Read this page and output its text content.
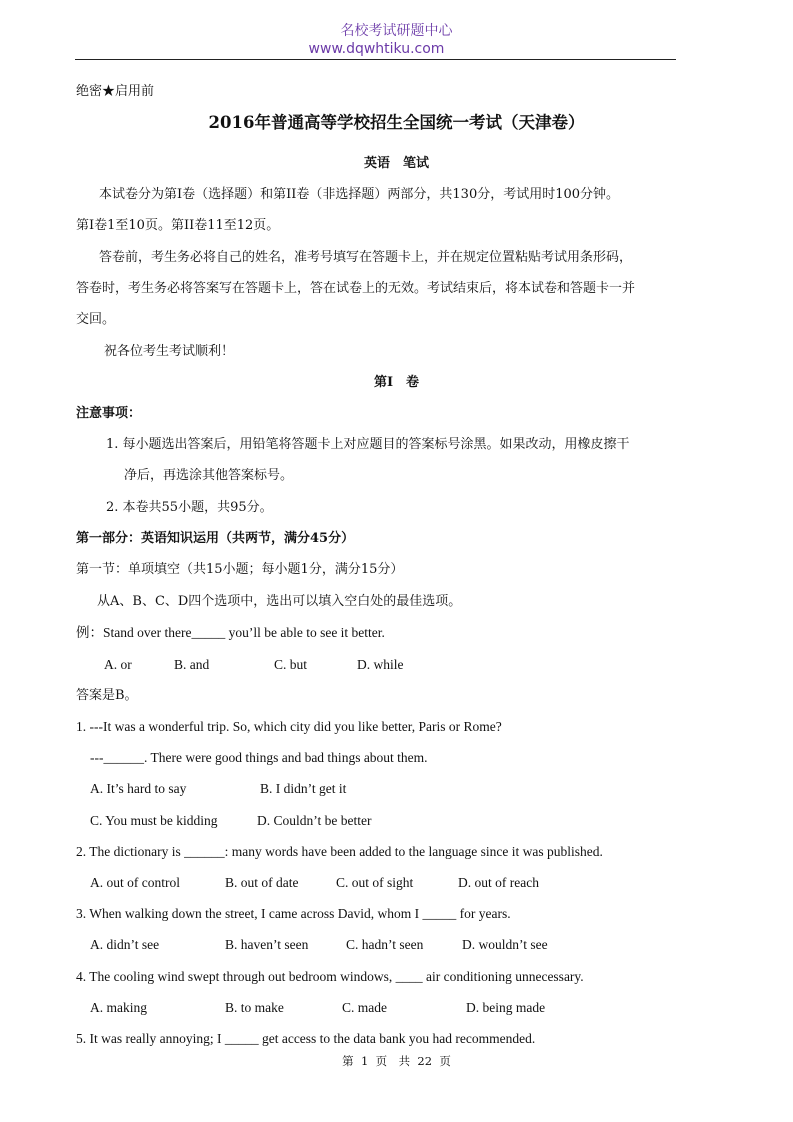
名校考试研题中心
www.dqwhtiku.com
绝密★启用前
2016年普通高等学校招生全国统一考试（天津卷）
英语　笔试
本试卷分为第I卷（选择题）和第II卷（非选择题）两部分，共130分，考试用时100分钟。
第I卷1至10页。第II卷11至12页。
答卷前，考生务必将自己的姓名，准考号填写在答题卡上，并在规定位置粘贴考试用条形码，
答卷时，考生务必将答案写在答题卡上，答在试卷上的无效。考试结束后，将本试卷和答题卡一并
交回。
祝各位考生考试顺利！
第I　卷
注意事项：
1. 每小题选出答案后，用铅笔将答题卡上对应题目的答案标号涂黑。如果改动，用橡皮擦干
净后，再选涂其他答案标号。
2. 本卷共55小题，共95分。
第一部分：英语知识运用（共两节，满分45分）
第一节：单项填空（共15小题；每小题1分，满分15分）
从A、B、C、D四个选项中，选出可以填入空白处的最佳选项。
例：Stand over there_____ you’ll be able to see it better.
A. or	B. and	C. but	D. while
答案是B。
1. ---It was a wonderful trip. So, which city did you like better, Paris or Rome?
---______. There were good things and bad things about them.
A. It’s hard to say	B. I didn’t get it
C. You must be kidding	D. Couldn’t be better
2. The dictionary is ______: many words have been added to the language since it was published.
A. out of control	B. out of date	C. out of sight	D. out of reach
3. When walking down the street, I came across David, whom I _____ for years.
A. didn’t see	B. haven’t seen	C. hadn’t seen	D. wouldn’t see
4. The cooling wind swept through out bedroom windows, ____ air conditioning unnecessary.
A. making	B. to make	C. made	D. being made
5. It was really annoying; I _____ get access to the data bank you had recommended.
第 1 页　共 22 页
